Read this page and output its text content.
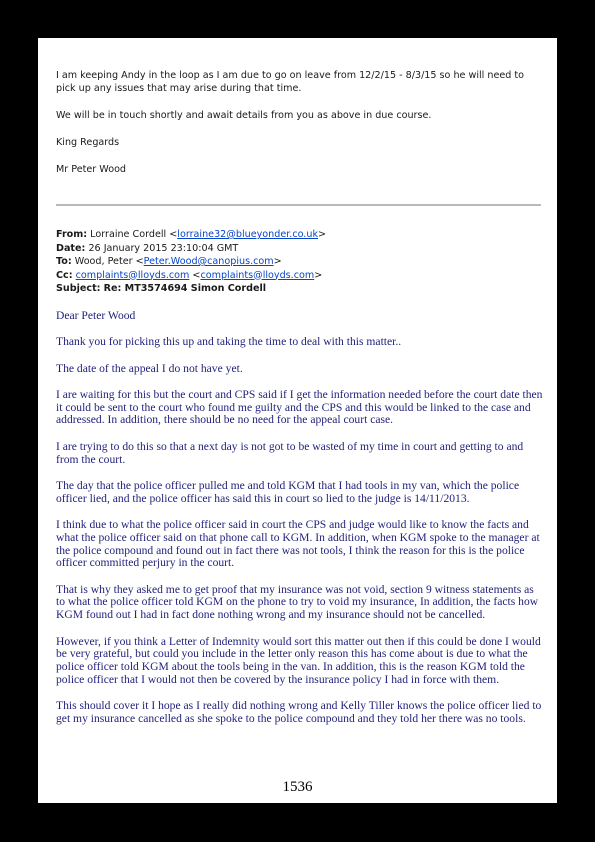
I am keeping Andy in the loop as I am due to go on leave from 12/2/15 - 8/3/15 so he will need to pick up any issues that may arise during that time.

We will be in touch shortly and await details from you as above in due course.

King Regards

Mr Peter Wood

From: Lorraine Cordell <lorraine32@blueyonder.co.uk>
Date: 26 January 2015 23:10:04 GMT
To: Wood, Peter <Peter.Wood@canopius.com>
Cc: complaints@lloyds.com <complaints@lloyds.com>
Subject: Re: MT3574694 Simon Cordell

Dear Peter Wood

Thank you for picking this up and taking the time to deal with this matter..

The date of the appeal I do not have yet.

I are waiting for this but the court and CPS said if I get the information needed before the court date then it could be sent to the court who found me guilty and the CPS and this would be linked to the case and addressed. In addition, there should be no need for the appeal court case.

I are trying to do this so that a next day is not got to be wasted of my time in court and getting to and from the court.

The day that the police officer pulled me and told KGM that I had tools in my van, which the police officer lied, and the police officer has said this in court so lied to the judge is 14/11/2013.

I think due to what the police officer said in court the CPS and judge would like to know the facts and what the police officer said on that phone call to KGM. In addition, when KGM spoke to the manager at the police compound and found out in fact there was not tools, I think the reason for this is the police officer committed perjury in the court.

That is why they asked me to get proof that my insurance was not void, section 9 witness statements as to what the police officer told KGM on the phone to try to void my insurance, In addition, the facts how KGM found out I had in fact done nothing wrong and my insurance should not be cancelled.

However, if you think a Letter of Indemnity would sort this matter out then if this could be done I would be very grateful, but could you include in the letter only reason this has come about is due to what the police officer told KGM about the tools being in the van. In addition, this is the reason KGM told the police officer that I would not then be covered by the insurance policy I had in force with them.

This should cover it I hope as I really did nothing wrong and Kelly Tiller knows the police officer lied to get my insurance cancelled as she spoke to the police compound and they told her there was no tools.

1536
